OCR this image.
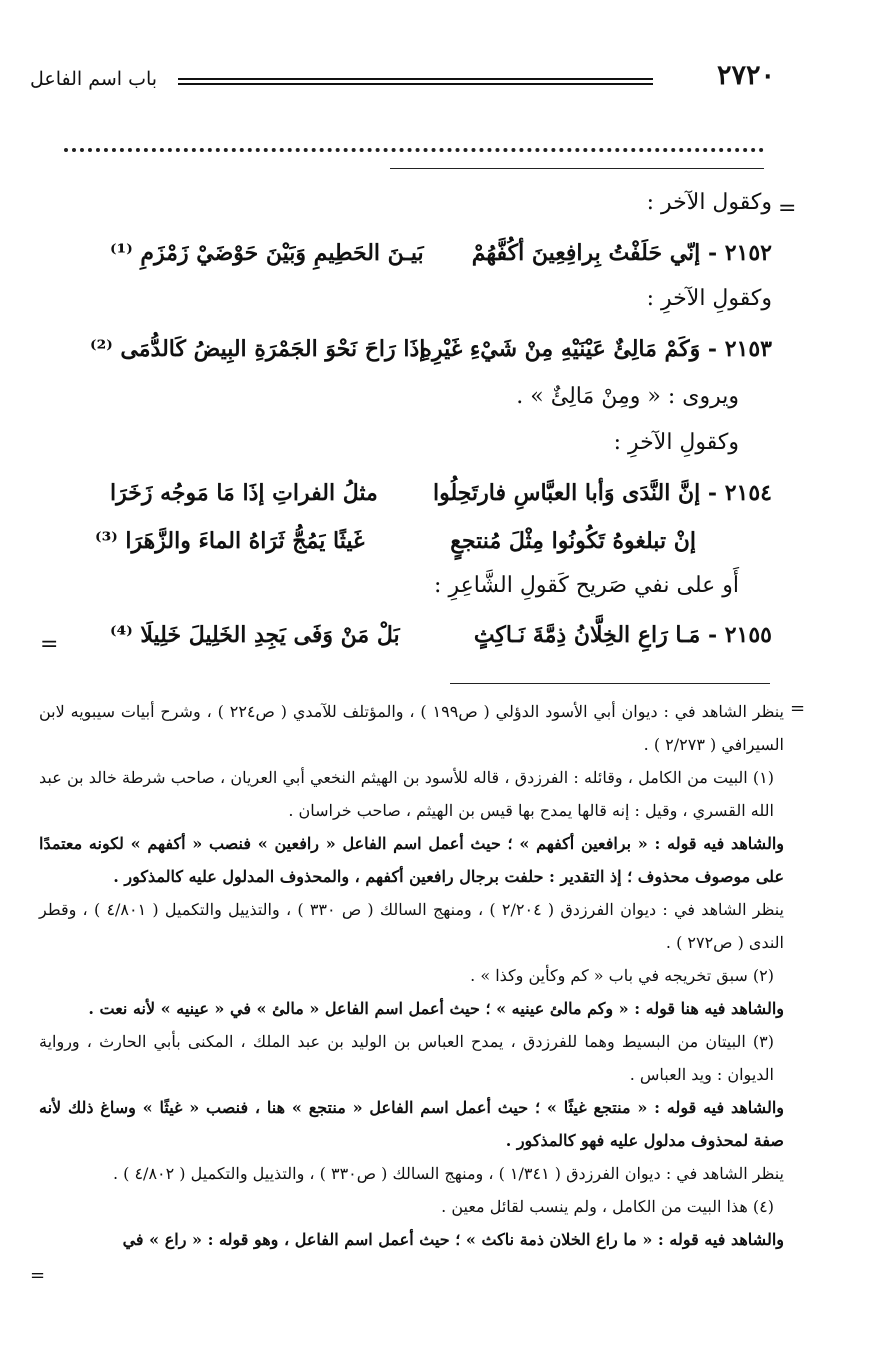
٢٧٢٠
باب اسم الفاعل
=
وكقول الآخر :
٢١٥٢ - إنّي حَلَفْتُ بِرافِعِينَ أكُفَّهُمْ
بَيـنَ الحَطِيمِ وَبَيْنَ حَوْضَيْ زَمْزَمِ ⁽¹⁾
وكقولِ الآخرِ :
٢١٥٣ - وَكَمْ مَالِئٌ عَيْنَيْهِ مِنْ شَيْءِ غَيْرِهِ
إذَا رَاحَ نَحْوَ الجَمْرَةِ البِيضُ كَالدُّمَى ⁽²⁾
ويروى : « ومِنْ مَالِئٌ » .
وكقولِ الآخرِ :
٢١٥٤ - إنَّ النَّدَى وَأبا العبَّاسِ فارتَحِلُوا
مثلُ الفراتِ إذَا مَا مَوجُه زَخَرَا
إنْ تبلغوهُ تَكُونُوا مِثْلَ مُنتجعٍ
غَيثًا يَمُجُّ ثَرَاهُ الماءَ والزَّهَرَا ⁽³⁾
أَو على نفي صَريح كَقولِ الشَّاعِرِ :
٢١٥٥ - مَـا رَاعِ الخِلَّانُ ذِمَّةَ نَـاكِثٍ
بَلْ مَنْ وَفَى يَجِدِ الخَلِيلَ خَلِيلَا ⁽⁴⁾
=
=

ينظر الشاهد في : ديوان أبي الأسود الدؤلي ( ص١٩٩ ) ، والمؤتلف للآمدي ( ص٢٢٤ ) ، وشرح أبيات سيبويه لابن السيرافي ( ٢/٢٧٣ ) .

(١) البيت من الكامل ، وقائله : الفرزدق ، قاله للأسود بن الهيثم النخعي أبي العريان ، صاحب شرطة خالد بن عبد الله القسري ، وقيل : إنه قالها يمدح بها قيس بن الهيثم ، صاحب خراسان .

والشاهد فيه قوله : « برافعين أكفهم » ؛ حيث أعمل اسم الفاعل « رافعين » فنصب « أكفهم » لكونه معتمدًا على موصوف محذوف ؛ إذ التقدير : حلفت برجال رافعين أكفهم ، والمحذوف المدلول عليه كالمذكور .

ينظر الشاهد في : ديوان الفرزدق ( ٢/٢٠٤ ) ، ومنهج السالك ( ص ٣٣٠ ) ، والتذييل والتكميل ( ٤/٨٠١ ) ، وقطر الندى ( ص٢٧٢ ) .

(٢) سبق تخريجه في باب « كم وكأين وكذا » .

والشاهد فيه هنا قوله : « وكم مالئ عينيه » ؛ حيث أعمل اسم الفاعل « مالئ » في « عينيه » لأنه نعت .

(٣) البيتان من البسيط وهما للفرزدق ، يمدح العباس بن الوليد بن عبد الملك ، المكنى بأبي الحارث ، ورواية الديوان : ويد العباس .

والشاهد فيه قوله : « منتجع غيثًا » ؛ حيث أعمل اسم الفاعل « منتجع » هنا ، فنصب « غيثًا » وساغ ذلك لأنه صفة لمحذوف مدلول عليه فهو كالمذكور .

ينظر الشاهد في : ديوان الفرزدق ( ١/٣٤١ ) ، ومنهج السالك ( ص٣٣٠ ) ، والتذييل والتكميل ( ٤/٨٠٢ ) .

(٤) هذا البيت من الكامل ، ولم ينسب لقائل معين .

والشاهد فيه قوله : « ما راع الخلان ذمة ناكث » ؛ حيث أعمل اسم الفاعل ، وهو قوله : « راع » في

=
